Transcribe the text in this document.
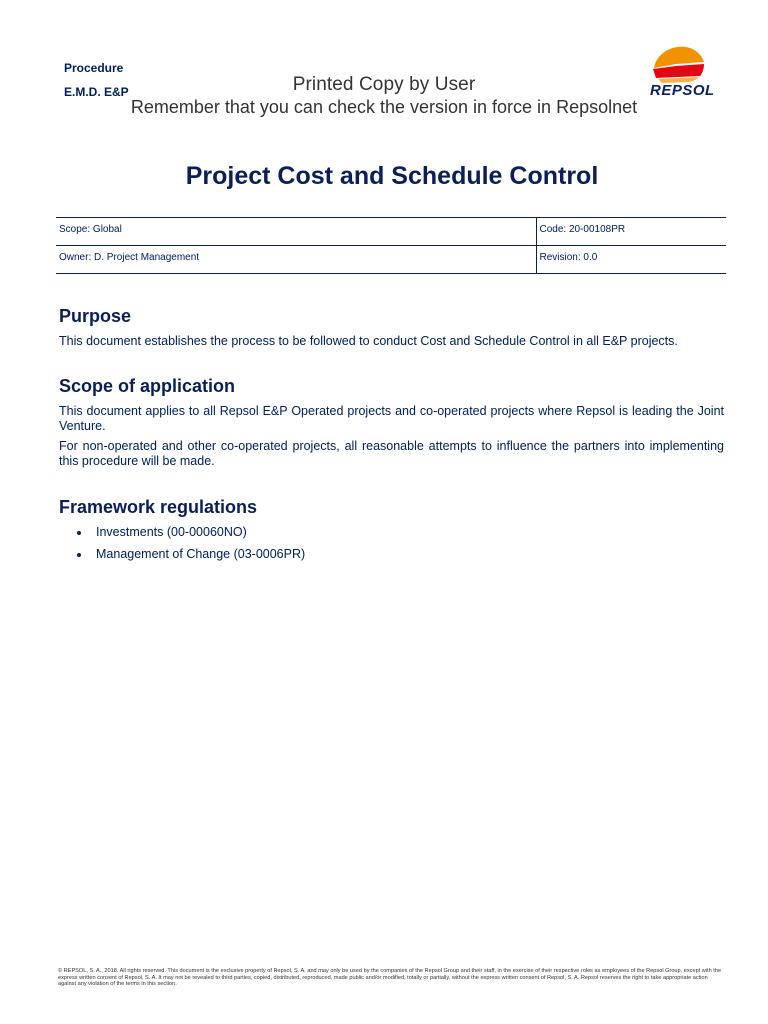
Procedure
E.M.D. E&P	Printed Copy by User
Remember that you can check the version in force in Repsolnet
REPSOL
Project Cost and Schedule Control
Scope: Global	Code: 20-00108PR
Owner: D. Project Management	Revision: 0.0
Purpose
This document establishes the process to be followed to conduct Cost and Schedule Control in all E&P projects.
Scope of application
This document applies to all Repsol E&P Operated projects and co-operated projects where Repsol is leading the Joint Venture.
For non-operated and other co-operated projects, all reasonable attempts to influence the partners into implementing this procedure will be made.
Framework regulations
Investments (00-00060NO)
Management of Change (03-0006PR)
© REPSOL, S. A., 2018. All rights reserved. This document is the exclusive property of Repsol, S. A. and may only be used by the companies of the Repsol Group and their staff, in the exercise of their respective roles as employees of the Repsol Group, except with the express written consent of Repsol, S. A. It may not be revealed to third parties, copied, distributed, reproduced, made public and/or modified, totally or partially, without the express written consent of Repsol, S. A. Repsol reserves the right to take appropriate action against any violation of the terms in this section.
